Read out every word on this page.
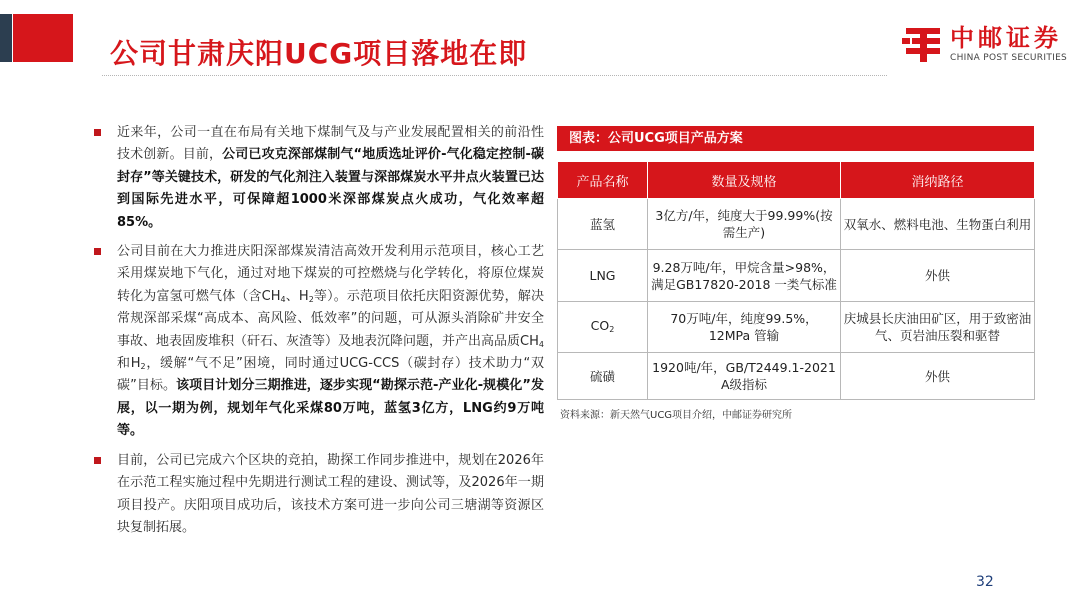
公司甘肃庆阳UCG项目落地在即	中邮证券
CHINA POST SECURITIES
近来年，公司一直在布局有关地下煤制气及与产业发展配置相关的前沿性技术创新。目前，公司已攻克深部煤制气“地质选址评价-气化稳定控制-碳封存”等关键技术，研发的气化剂注入装置与深部煤炭水平井点火装置已达到国际先进水平，可保障超1000米深部煤炭点火成功，气化效率超85%。
公司目前在大力推进庆阳深部煤炭清洁高效开发利用示范项目，核心工艺采用煤炭地下气化，通过对地下煤炭的可控燃烧与化学转化，将原位煤炭转化为富氢可燃气体（含$CH_4$、$H_2$等）。示范项目依托庆阳资源优势，解决常规深部采煤“高成本、高风险、低效率”的问题，可从源头消除矿井安全事故、地表固废堆积（矸石、灰渣等）及地表沉降问题，并产出高品质$CH_4$和$H_2$，缓解“气不足”困境，同时通过UCG-CCS（碳封存）技术助力“双碳”目标。该项目计划分三期推进，逐步实现“勘探示范-产业化-规模化”发展，以一期为例，规划年气化采煤80万吨，蓝氢3亿方，LNG约9万吨等。
目前，公司已完成六个区块的竞拍，勘探工作同步推进中，规划在2026年在示范工程实施过程中先期进行测试工程的建设、测试等，及2026年一期项目投产。庆阳项目成功后，该技术方案可进一步向公司三塘湖等资源区块复制拓展。
图表：公司UCG项目产品方案
产品名称	数量及规格	消纳路径
蓝氢	3亿方/年，纯度大于99.99%(按需生产)	双氧水、燃料电池、生物蛋白利用
LNG	9.28万吨/年，甲烷含量>98%，满足GB17820-2018 一类气标准	外供
CO2	70万吨/年，纯度99.5%，12MPa 管输	庆城县长庆油田矿区，用于致密油气、页岩油压裂和驱替
硫磺	1920吨/年，GB/T2449.1-2021 A级指标	外供
资料来源：新天然气UCG项目介绍，中邮证券研究所
32
